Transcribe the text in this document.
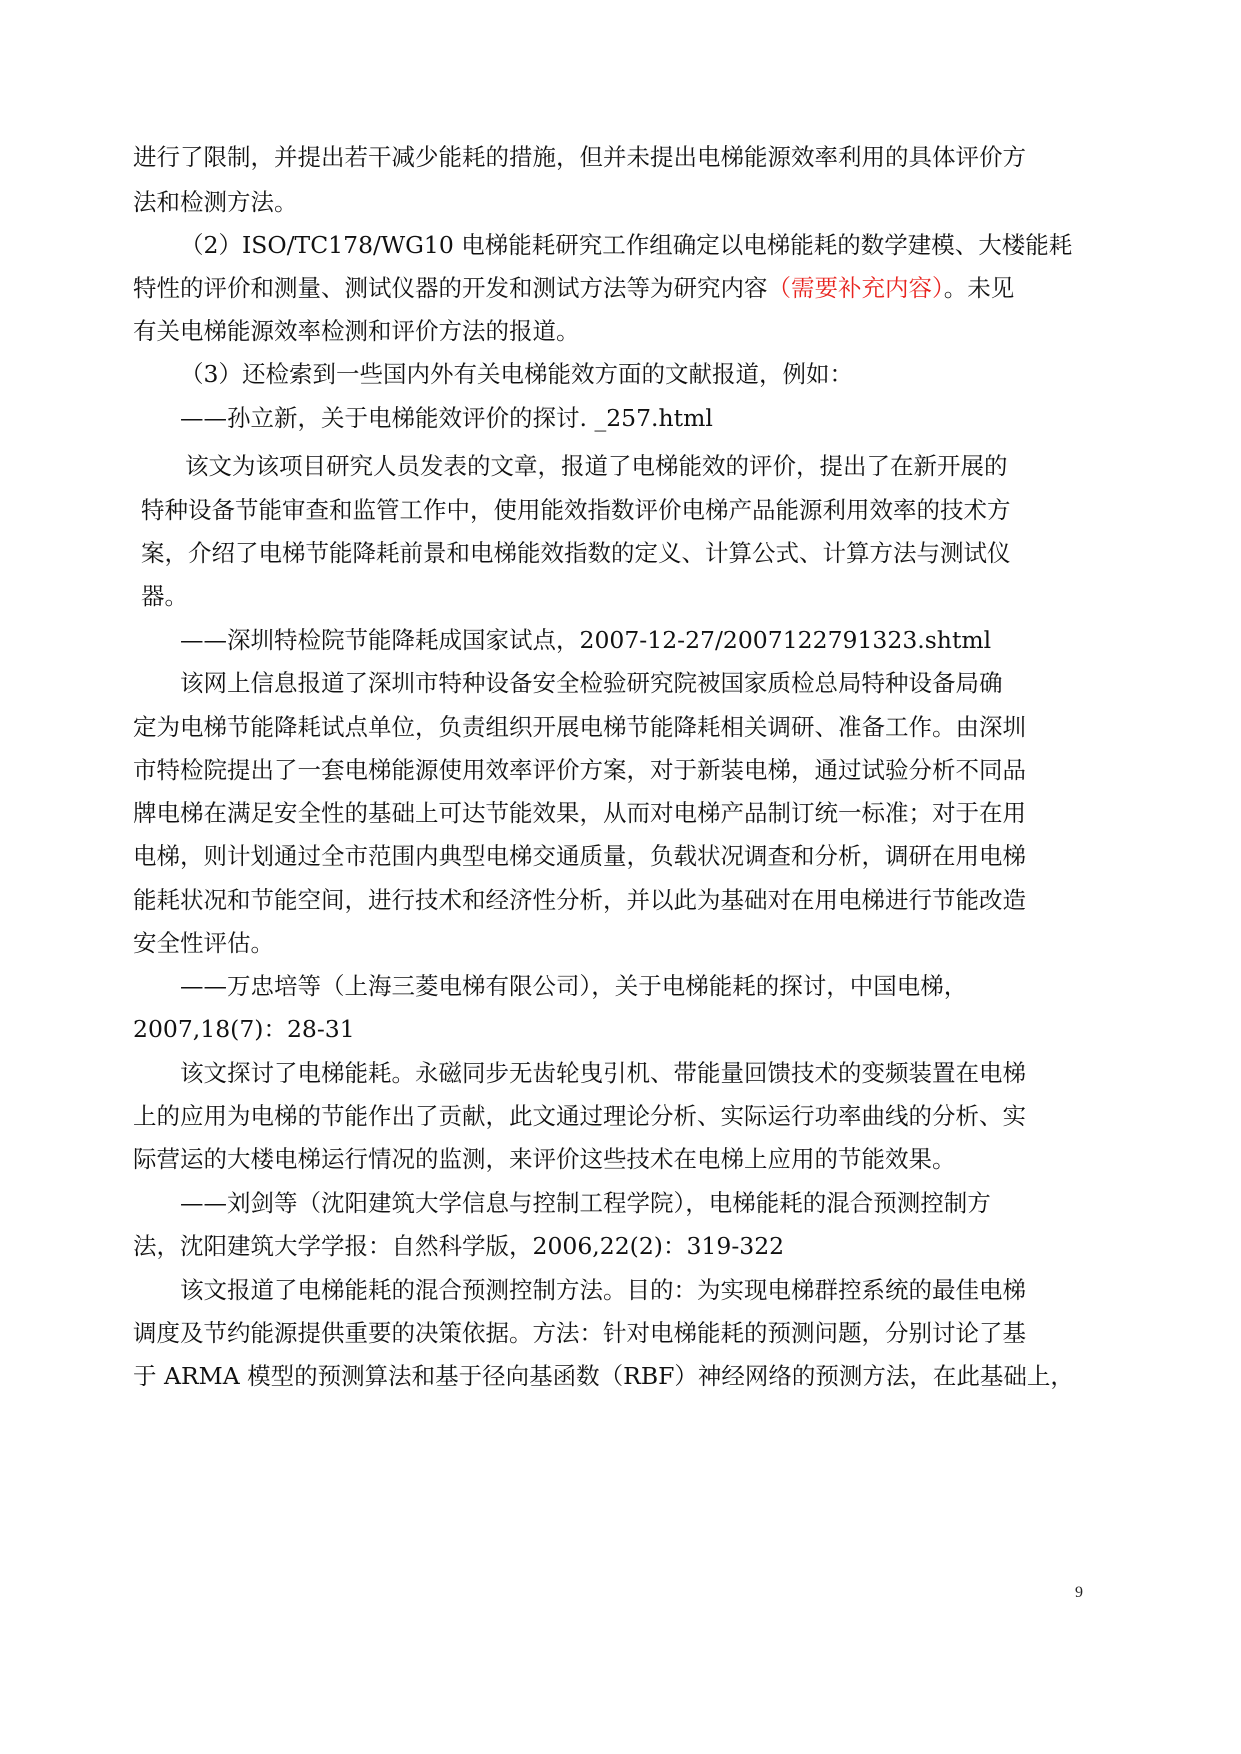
进行了限制，并提出若干减少能耗的措施，但并未提出电梯能源效率利用的具体评价方
法和检测方法。
（2）ISO/TC178/WG10 电梯能耗研究工作组确定以电梯能耗的数学建模、大楼能耗
特性的评价和测量、测试仪器的开发和测试方法等为研究内容（需要补充内容）。未见
有关电梯能源效率检测和评价方法的报道。
（3）还检索到一些国内外有关电梯能效方面的文献报道，例如：
——孙立新，关于电梯能效评价的探讨. _257.html
该文为该项目研究人员发表的文章，报道了电梯能效的评价，提出了在新开展的
特种设备节能审查和监管工作中，使用能效指数评价电梯产品能源利用效率的技术方
案，介绍了电梯节能降耗前景和电梯能效指数的定义、计算公式、计算方法与测试仪
器。
——深圳特检院节能降耗成国家试点，2007-12-27/2007122791323.shtml
该网上信息报道了深圳市特种设备安全检验研究院被国家质检总局特种设备局确
定为电梯节能降耗试点单位，负责组织开展电梯节能降耗相关调研、准备工作。由深圳
市特检院提出了一套电梯能源使用效率评价方案，对于新装电梯，通过试验分析不同品
牌电梯在满足安全性的基础上可达节能效果，从而对电梯产品制订统一标准；对于在用
电梯，则计划通过全市范围内典型电梯交通质量，负载状况调查和分析，调研在用电梯
能耗状况和节能空间，进行技术和经济性分析，并以此为基础对在用电梯进行节能改造
安全性评估。
——万忠培等（上海三菱电梯有限公司），关于电梯能耗的探讨，中国电梯，
2007,18(7)：28-31
该文探讨了电梯能耗。永磁同步无齿轮曳引机、带能量回馈技术的变频装置在电梯
上的应用为电梯的节能作出了贡献，此文通过理论分析、实际运行功率曲线的分析、实
际营运的大楼电梯运行情况的监测，来评价这些技术在电梯上应用的节能效果。
——刘剑等（沈阳建筑大学信息与控制工程学院），电梯能耗的混合预测控制方
法，沈阳建筑大学学报：自然科学版，2006,22(2)：319-322
该文报道了电梯能耗的混合预测控制方法。目的：为实现电梯群控系统的最佳电梯
调度及节约能源提供重要的决策依据。方法：针对电梯能耗的预测问题，分别讨论了基
于 ARMA 模型的预测算法和基于径向基函数（RBF）神经网络的预测方法，在此基础上，
9
